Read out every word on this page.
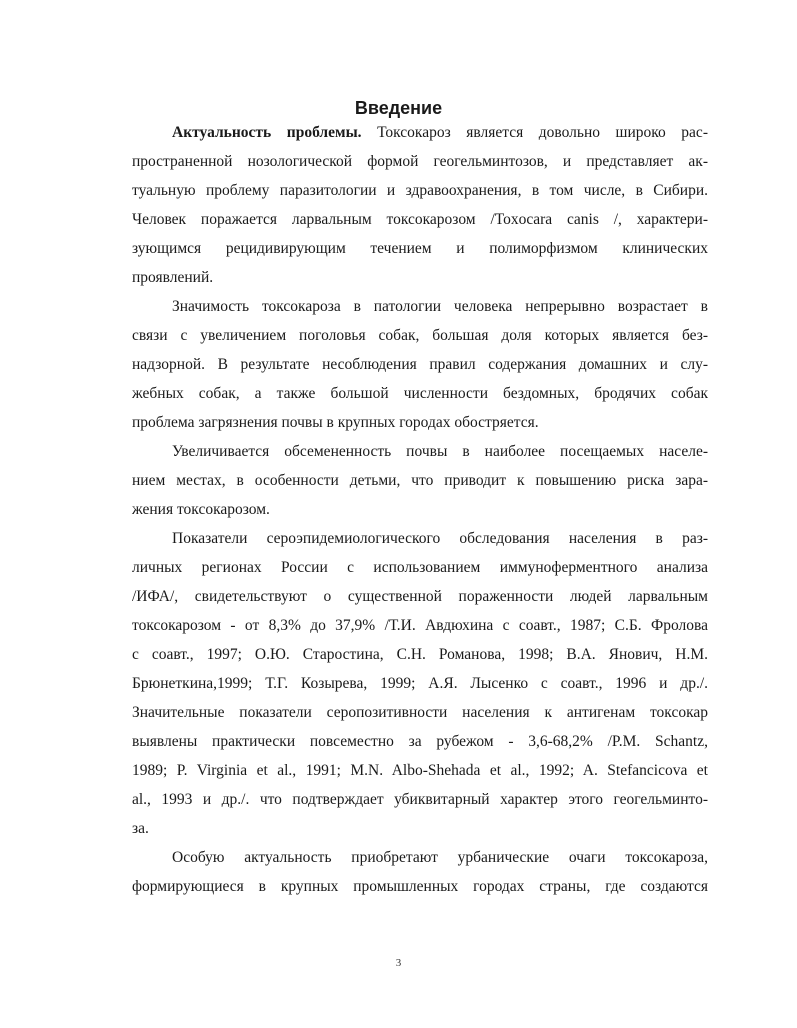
Введение
Актуальность проблемы. Токсокароз является довольно широко рас-
пространенной нозологической формой геогельминтозов, и представляет ак-
туальную проблему паразитологии и здравоохранения, в том числе, в Сибири.
Человек поражается ларвальным токсокарозом /Toxocara canis /, характери-
зующимся рецидивирующим течением и полиморфизмом клинических
проявлений.
Значимость токсокароза в патологии человека непрерывно возрастает в
связи с увеличением поголовья собак, большая доля которых является без-
надзорной. В результате несоблюдения правил содержания домашних и слу-
жебных собак, а также большой численности бездомных, бродячих собак
проблема загрязнения почвы в крупных городах обостряется.
Увеличивается обсемененность почвы в наиболее посещаемых населе-
нием местах, в особенности детьми, что приводит к повышению риска зара-
жения токсокарозом.
Показатели сероэпидемиологического обследования населения в раз-
личных регионах России с использованием иммуноферментного анализа
/ИФА/, свидетельствуют о существенной пораженности людей ларвальным
токсокарозом - от 8,3% до 37,9% /Т.И. Авдюхина с соавт., 1987; С.Б. Фролова
с соавт., 1997; О.Ю. Старостина, С.Н. Романова, 1998; В.А. Янович, Н.М.
Брюнеткина,1999; Т.Г. Козырева, 1999; А.Я. Лысенко с соавт., 1996 и др./.
Значительные показатели серопозитивности населения к антигенам токсокар
выявлены практически повсеместно за рубежом - 3,6-68,2% /P.M. Schantz,
1989; P. Virginia et al., 1991; M.N. Albo-Shehada et al., 1992; A. Stefancicova et
al., 1993 и др./. что подтверждает убиквитарный характер этого геогельминто-
за.
Особую актуальность приобретают урбанические очаги токсокароза,
формирующиеся в крупных промышленных городах страны, где создаются
3
